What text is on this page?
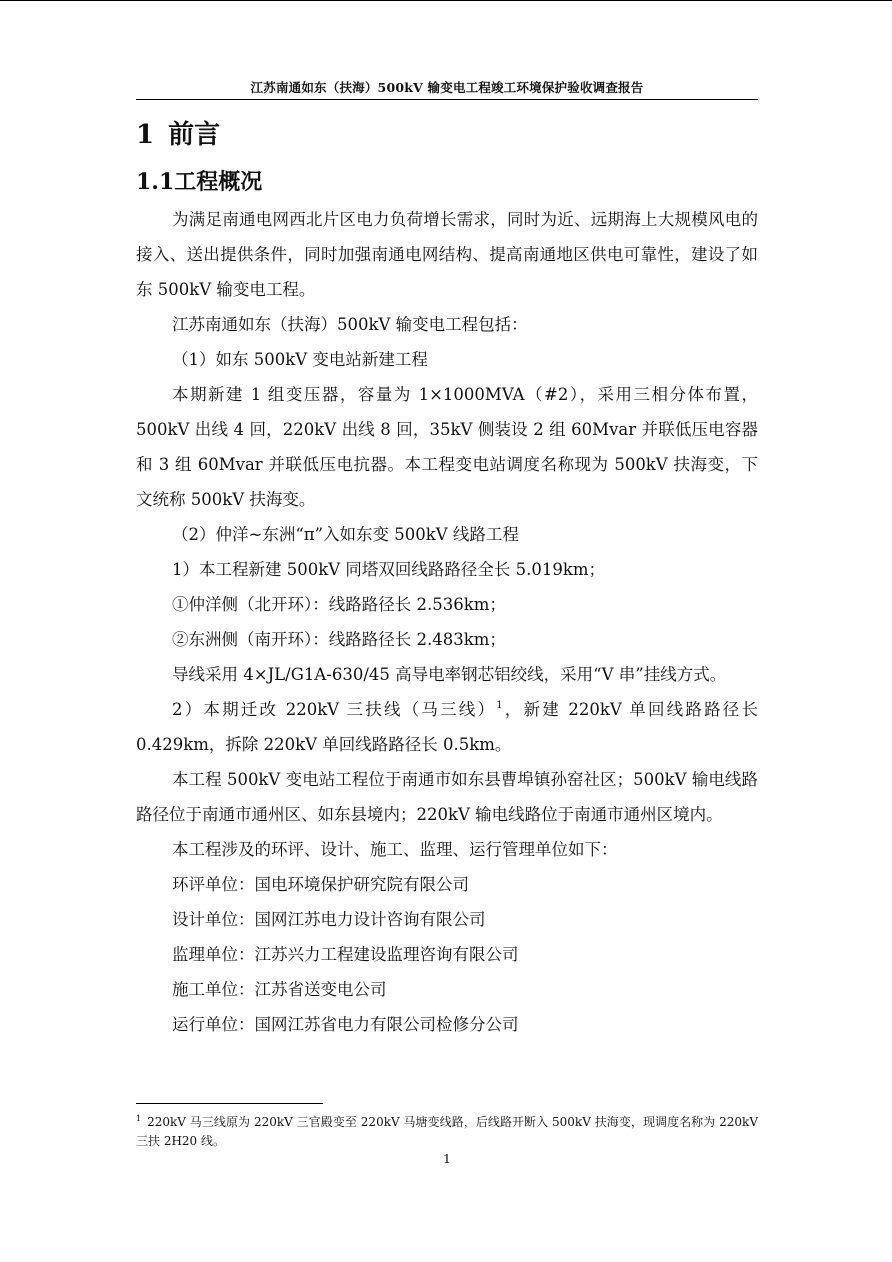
江苏南通如东（扶海）500kV 输变电工程竣工环境保护验收调查报告
1 前言
1.1工程概况

为满足南通电网西北片区电力负荷增长需求，同时为近、远期海上大规模风电的接入、送出提供条件，同时加强南通电网结构、提高南通地区供电可靠性，建设了如东 500kV 输变电工程。

江苏南通如东（扶海）500kV 输变电工程包括：

（1）如东 500kV 变电站新建工程

本期新建 1 组变压器，容量为 1×1000MVA（#2），采用三相分体布置，500kV 出线 4 回，220kV 出线 8 回，35kV 侧装设 2 组 60Mvar 并联低压电容器和 3 组 60Mvar 并联低压电抗器。本工程变电站调度名称现为 500kV 扶海变，下文统称 500kV 扶海变。

（2）仲洋~东洲“π”入如东变 500kV 线路工程

1）本工程新建 500kV 同塔双回线路路径全长 5.019km；

①仲洋侧（北开环）：线路路径长 2.536km；

②东洲侧（南开环）：线路路径长 2.483km；

导线采用 4×JL/G1A-630/45 高导电率钢芯铝绞线，采用“V 串”挂线方式。

2）本期迁改 220kV 三扶线（马三线）$^1$，新建 220kV 单回线路路径长 0.429km，拆除 220kV 单回线路路径长 0.5km。

本工程 500kV 变电站工程位于南通市如东县曹埠镇孙窑社区；500kV 输电线路路径位于南通市通州区、如东县境内；220kV 输电线路位于南通市通州区境内。

本工程涉及的环评、设计、施工、监理、运行管理单位如下：

环评单位：国电环境保护研究院有限公司

设计单位：国网江苏电力设计咨询有限公司

监理单位：江苏兴力工程建设监理咨询有限公司

施工单位：江苏省送变电公司

运行单位：国网江苏省电力有限公司检修分公司

$^1$ 220kV 马三线原为 220kV 三官殿变至 220kV 马塘变线路，后线路开断入 500kV 扶海变，现调度名称为 220kV 三扶 2H20 线。
1
